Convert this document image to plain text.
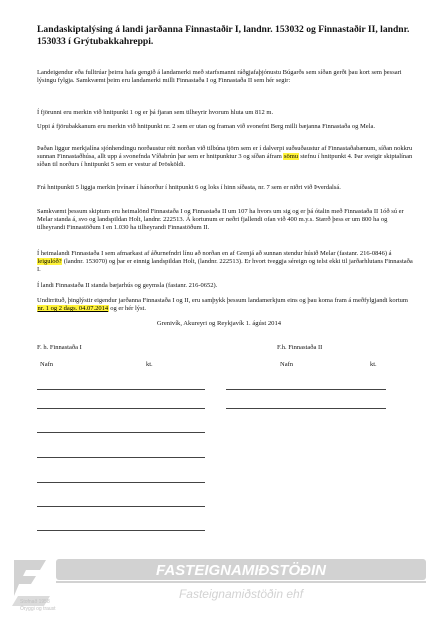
Landaskiptalýsing á landi jarðanna Finnastaðir I, landnr. 153032 og Finnastaðir II, landnr. 153033 í Grýtubakkahreppi.
Landeigendur eða fulltrúar þeirra hafa gengið á landamerki með starfsmanni ráðgjafaþjónustu Búgarðs sem síðan gerði þau kort sem þessari lýsingu fylgja. Samkvæmt þeim eru landamerki milli Finnastaða I og Finnastaða II sem hér segir:
Í fjörunni eru merkin við hnitpunkt 1 og er þá fjaran sem tilheyrir hvorum hluta um 812 m.
Uppi á fjörubakkanum eru merkin við hnitpunkt nr. 2 sem er utan og framan við svonefnt Berg milli bæjanna Finnastaða og Mela.
Þaðan liggur merkjalína sjónhendingu norðaustur rétt norðan við tilbúna tjörn sem er í dalverpi suðsuðaustur af Finnastaðabænum, síðan nokkru sunnan Finnastaðhúsa, allt upp á svonefnda Víðabrún þar sem er hnitpunktur 3 og síðan áfram sömu stefnu í hnitpunkt 4. Þar sveigir skiptalínan síðan til norðurs í hnitpunkt 5 sem er vestur af Þrösköldi.
Frá hnitpunkti 5 liggja merkin þvínær í hánorður í hnitpunkt 6 og loks í hinn síðasta, nr. 7 sem er niðri við Þverdalsá.
Samkvæmt þessum skiptum eru heimalönd Finnastaða I og Finnastaða II um 107 ha hvors um sig og er þá ótalin með Finnastaða II 1óð sú er Melar standa á, svo og landspildan Holt, landnr. 222513. Á kortunum er neðri fjallendi ofan við 400 m.y.s. Stærð þess er um 800 ha og tilheyrandi Finnastöðum I en 1.030 ha tilheyrandi Finnastöðum II.
Í heimalandi Finnastaða I sem afmarkast af áðurnefndri línu að norðan en af Grenjá að sunnan stendur húsið Melar (fastanr. 216-0846) á leigulóð? (landnr. 153070) og þar er einnig landspildan Holt, (landnr. 222513). Er hvort tveggja séreign og telst ekki til jarðarhlutans Finnastaða I.
Í landi Finnastaða II standa bæjarhús og geymsla (fastanr. 216-0652).
Undirrituð, þinglýstir eigendur jarðanna Finnastaða I og II, eru samþykk þessum landamerkjum eins og þau koma fram á meðfylgjandi kortum nr. 1 og 2 dags. 04.07.2014 og er hér lýst.
Grenivík, Akureyri og Reykjavík 1. ágúst 2014
F. h. Finnastaða I	F.h. Finnastaða II
Nafn	kt.	Nafn	kt.
FASTEIGNAMIÐSTÖÐIN
Fasteignamiðstöðin ehf
Stofnað 1958
Öryggi og traust
